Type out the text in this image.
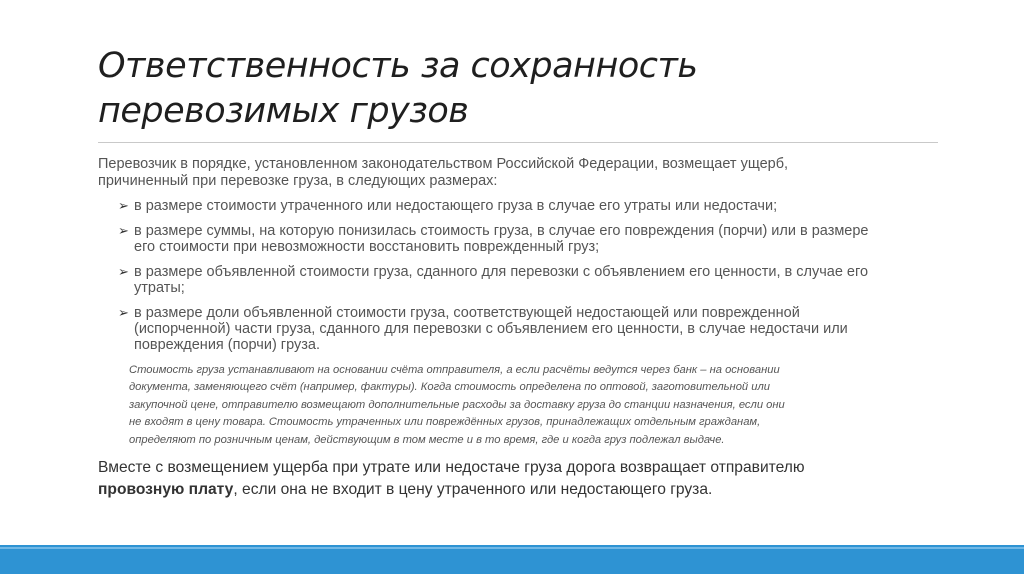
Ответственность за сохранность
перевозимых грузов

Перевозчик в порядке, установленном законодательством Российской Федерации, возмещает ущерб,
причиненный при перевозке груза, в следующих размерах:

➢ в размере стоимости утраченного или недостающего груза в случае его утраты или недостачи;
➢ в размере суммы, на которую понизилась стоимость груза, в случае его повреждения (порчи) или в размере
его стоимости при невозможности восстановить поврежденный груз;
➢ в размере объявленной стоимости груза, сданного для перевозки с объявлением его ценности, в случае его
утраты;
➢ в размере доли объявленной стоимости груза, соответствующей недостающей или поврежденной
(испорченной) части груза, сданного для перевозки с объявлением его ценности, в случае недостачи или
повреждения (порчи) груза.

Стоимость груза устанавливают на основании счёта отправителя, а если расчёты ведутся через банк – на основании
документа, заменяющего счёт (например, фактуры). Когда стоимость определена по оптовой, заготовительной или
закупочной цене, отправителю возмещают дополнительные расходы за доставку груза до станции назначения, если они
не входят в цену товара. Стоимость утраченных или повреждённых грузов, принадлежащих отдельным гражданам,
определяют по розничным ценам, действующим в том месте и в то время, где и когда груз подлежал выдаче.

Вместе с возмещением ущерба при утрате или недостаче груза дорога возвращает отправителю
провозную плату, если она не входит в цену утраченного или недостающего груза.
